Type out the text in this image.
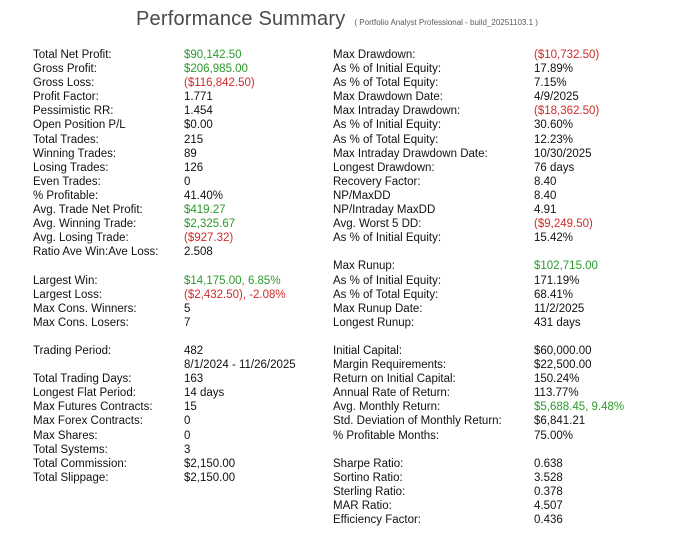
Performance Summary ( Portfolio Analyst Professional - build_20251103.1 )
Total Net Profit:	$90,142.50
Gross Profit:	$206,985.00
Gross Loss:	($116,842.50)
Profit Factor:	1.771
Pessimistic RR:	1.454
Open Position P/L	$0.00
Total Trades:	215
Winning Trades:	89
Losing Trades:	126
Even Trades:	0
% Profitable:	41.40%
Avg. Trade Net Profit:	$419.27
Avg. Winning Trade:	$2,325.67
Avg. Losing Trade:	($927.32)
Ratio Ave Win:Ave Loss: 2.508
Largest Win:	$14,175.00, 6.85%
Largest Loss:	($2,432.50), -2.08%
Max Cons. Winners:	5
Max Cons. Losers:	7
Trading Period:	482
8/1/2024 - 11/26/2025
Total Trading Days:	163
Longest Flat Period:	14 days
Max Futures Contracts:	15
Max Forex Contracts:	0
Max Shares:	0
Total Systems:	3
Total Commission:	$2,150.00
Total Slippage:	$2,150.00
Max Drawdown:	($10,732.50)
As % of Initial Equity:	17.89%
As % of Total Equity:	7.15%
Max Drawdown Date:	4/9/2025
Max Intraday Drawdown:	($18,362.50)
As % of Initial Equity:	30.60%
As % of Total Equity:	12.23%
Max Intraday Drawdown Date:	10/30/2025
Longest Drawdown:	76 days
Recovery Factor:	8.40
NP/MaxDD	8.40
NP/Intraday MaxDD	4.91
Avg. Worst 5 DD:	($9,249.50)
As % of Initial Equity:	15.42%
Max Runup:	$102,715.00
As % of Initial Equity:	171.19%
As % of Total Equity:	68.41%
Max Runup Date:	11/2/2025
Longest Runup:	431 days
Initial Capital:	$60,000.00
Margin Requirements:	$22,500.00
Return on Initial Capital:	150.24%
Annual Rate of Return:	113.77%
Avg. Monthly Return:	$5,688.45, 9.48%
Std. Deviation of Monthly Return:	$6,841.21
% Profitable Months:	75.00%
Sharpe Ratio:	0.638
Sortino Ratio:	3.528
Sterling Ratio:	0.378
MAR Ratio:	4.507
Efficiency Factor:	0.436
